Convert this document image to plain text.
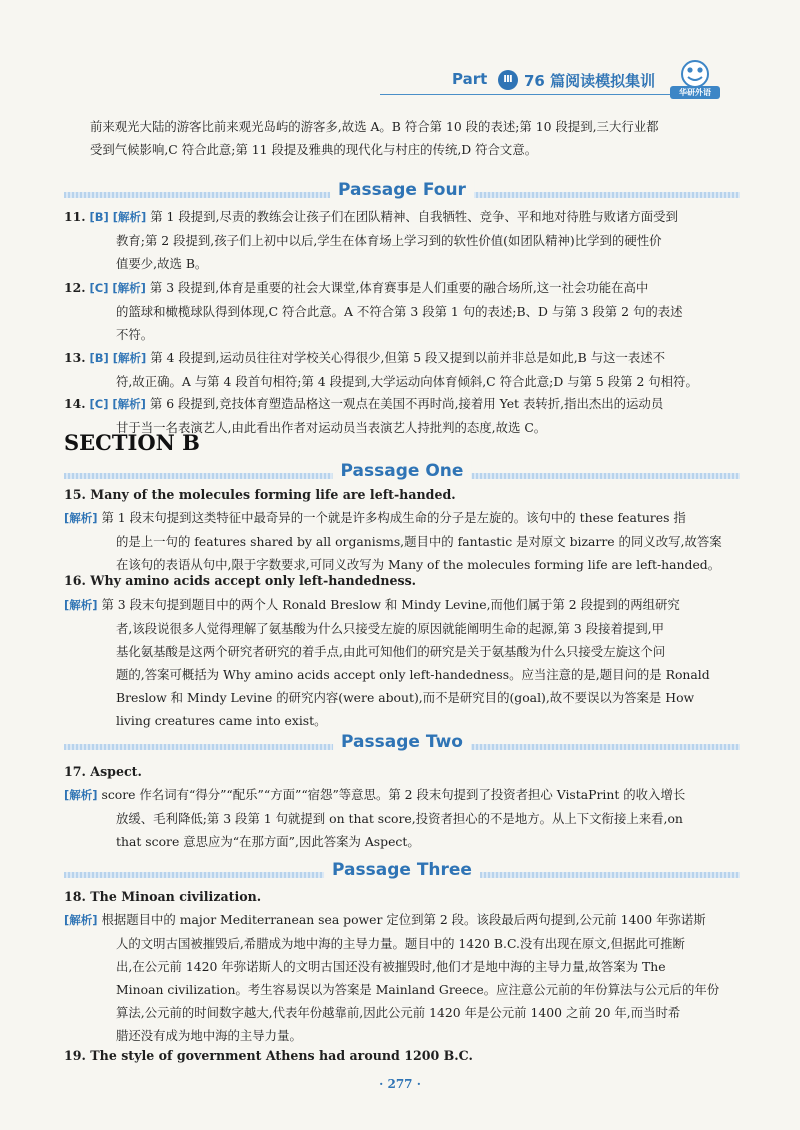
Part	Ⅲ 76 篇阅读模拟集训
华研外语
前来观光大陆的游客比前来观光岛屿的游客多,故选 A。B 符合第 10 段的表述;第 10 段提到,三大行业都
受到气候影响,C 符合此意;第 11 段提及雅典的现代化与村庄的传统,D 符合文意。
Passage Four
11. [B] [解析] 第 1 段提到,尽责的教练会让孩子们在团队精神、自我牺牲、竞争、平和地对待胜与败诸方面受到
教育;第 2 段提到,孩子们上初中以后,学生在体育场上学习到的软性价值(如团队精神)比学到的硬性价
值要少,故选 B。
12. [C] [解析] 第 3 段提到,体育是重要的社会大课堂,体育赛事是人们重要的融合场所,这一社会功能在高中
的篮球和橄榄球队得到体现,C 符合此意。A 不符合第 3 段第 1 句的表述;B、D 与第 3 段第 2 句的表述
不符。
13. [B] [解析] 第 4 段提到,运动员往往对学校关心得很少,但第 5 段又提到以前并非总是如此,B 与这一表述不
符,故正确。A 与第 4 段首句相符;第 4 段提到,大学运动向体育倾斜,C 符合此意;D 与第 5 段第 2 句相符。
14. [C] [解析] 第 6 段提到,竞技体育塑造品格这一观点在美国不再时尚,接着用 Yet 表转折,指出杰出的运动员
甘于当一名表演艺人,由此看出作者对运动员当表演艺人持批判的态度,故选 C。
SECTION B
Passage One
15. Many of the molecules forming life are left-handed.
[解析] 第 1 段末句提到这类特征中最奇异的一个就是许多构成生命的分子是左旋的。该句中的 these features 指
的是上一句的 features shared by all organisms,题目中的 fantastic 是对原文 bizarre 的同义改写,故答案
在该句的表语从句中,限于字数要求,可同义改写为 Many of the molecules forming life are left-handed。
16. Why amino acids accept only left-handedness.
[解析] 第 3 段末句提到题目中的两个人 Ronald Breslow 和 Mindy Levine,而他们属于第 2 段提到的两组研究
者,该段说很多人觉得理解了氨基酸为什么只接受左旋的原因就能阐明生命的起源,第 3 段接着提到,甲
基化氨基酸是这两个研究者研究的着手点,由此可知他们的研究是关于氨基酸为什么只接受左旋这个问
题的,答案可概括为 Why amino acids accept only left-handedness。应当注意的是,题目问的是 Ronald
Breslow 和 Mindy Levine 的研究内容(were about),而不是研究目的(goal),故不要误以为答案是 How
living creatures came into exist。
Passage Two
17. Aspect.
[解析] score 作名词有“得分”“配乐”“方面”“宿怨”等意思。第 2 段末句提到了投资者担心 VistaPrint 的收入增长
放缓、毛利降低;第 3 段第 1 句就提到 on that score,投资者担心的不是地方。从上下文衔接上来看,on
that score 意思应为“在那方面”,因此答案为 Aspect。
Passage Three
18. The Minoan civilization.
[解析] 根据题目中的 major Mediterranean sea power 定位到第 2 段。该段最后两句提到,公元前 1400 年弥诺斯
人的文明古国被摧毁后,希腊成为地中海的主导力量。题目中的 1420 B.C.没有出现在原文,但据此可推断
出,在公元前 1420 年弥诺斯人的文明古国还没有被摧毁时,他们才是地中海的主导力量,故答案为 The
Minoan civilization。考生容易误以为答案是 Mainland Greece。应注意公元前的年份算法与公元后的年份
算法,公元前的时间数字越大,代表年份越靠前,因此公元前 1420 年是公元前 1400 之前 20 年,而当时希
腊还没有成为地中海的主导力量。
19. The style of government Athens had around 1200 B.C.
· 277 ·
